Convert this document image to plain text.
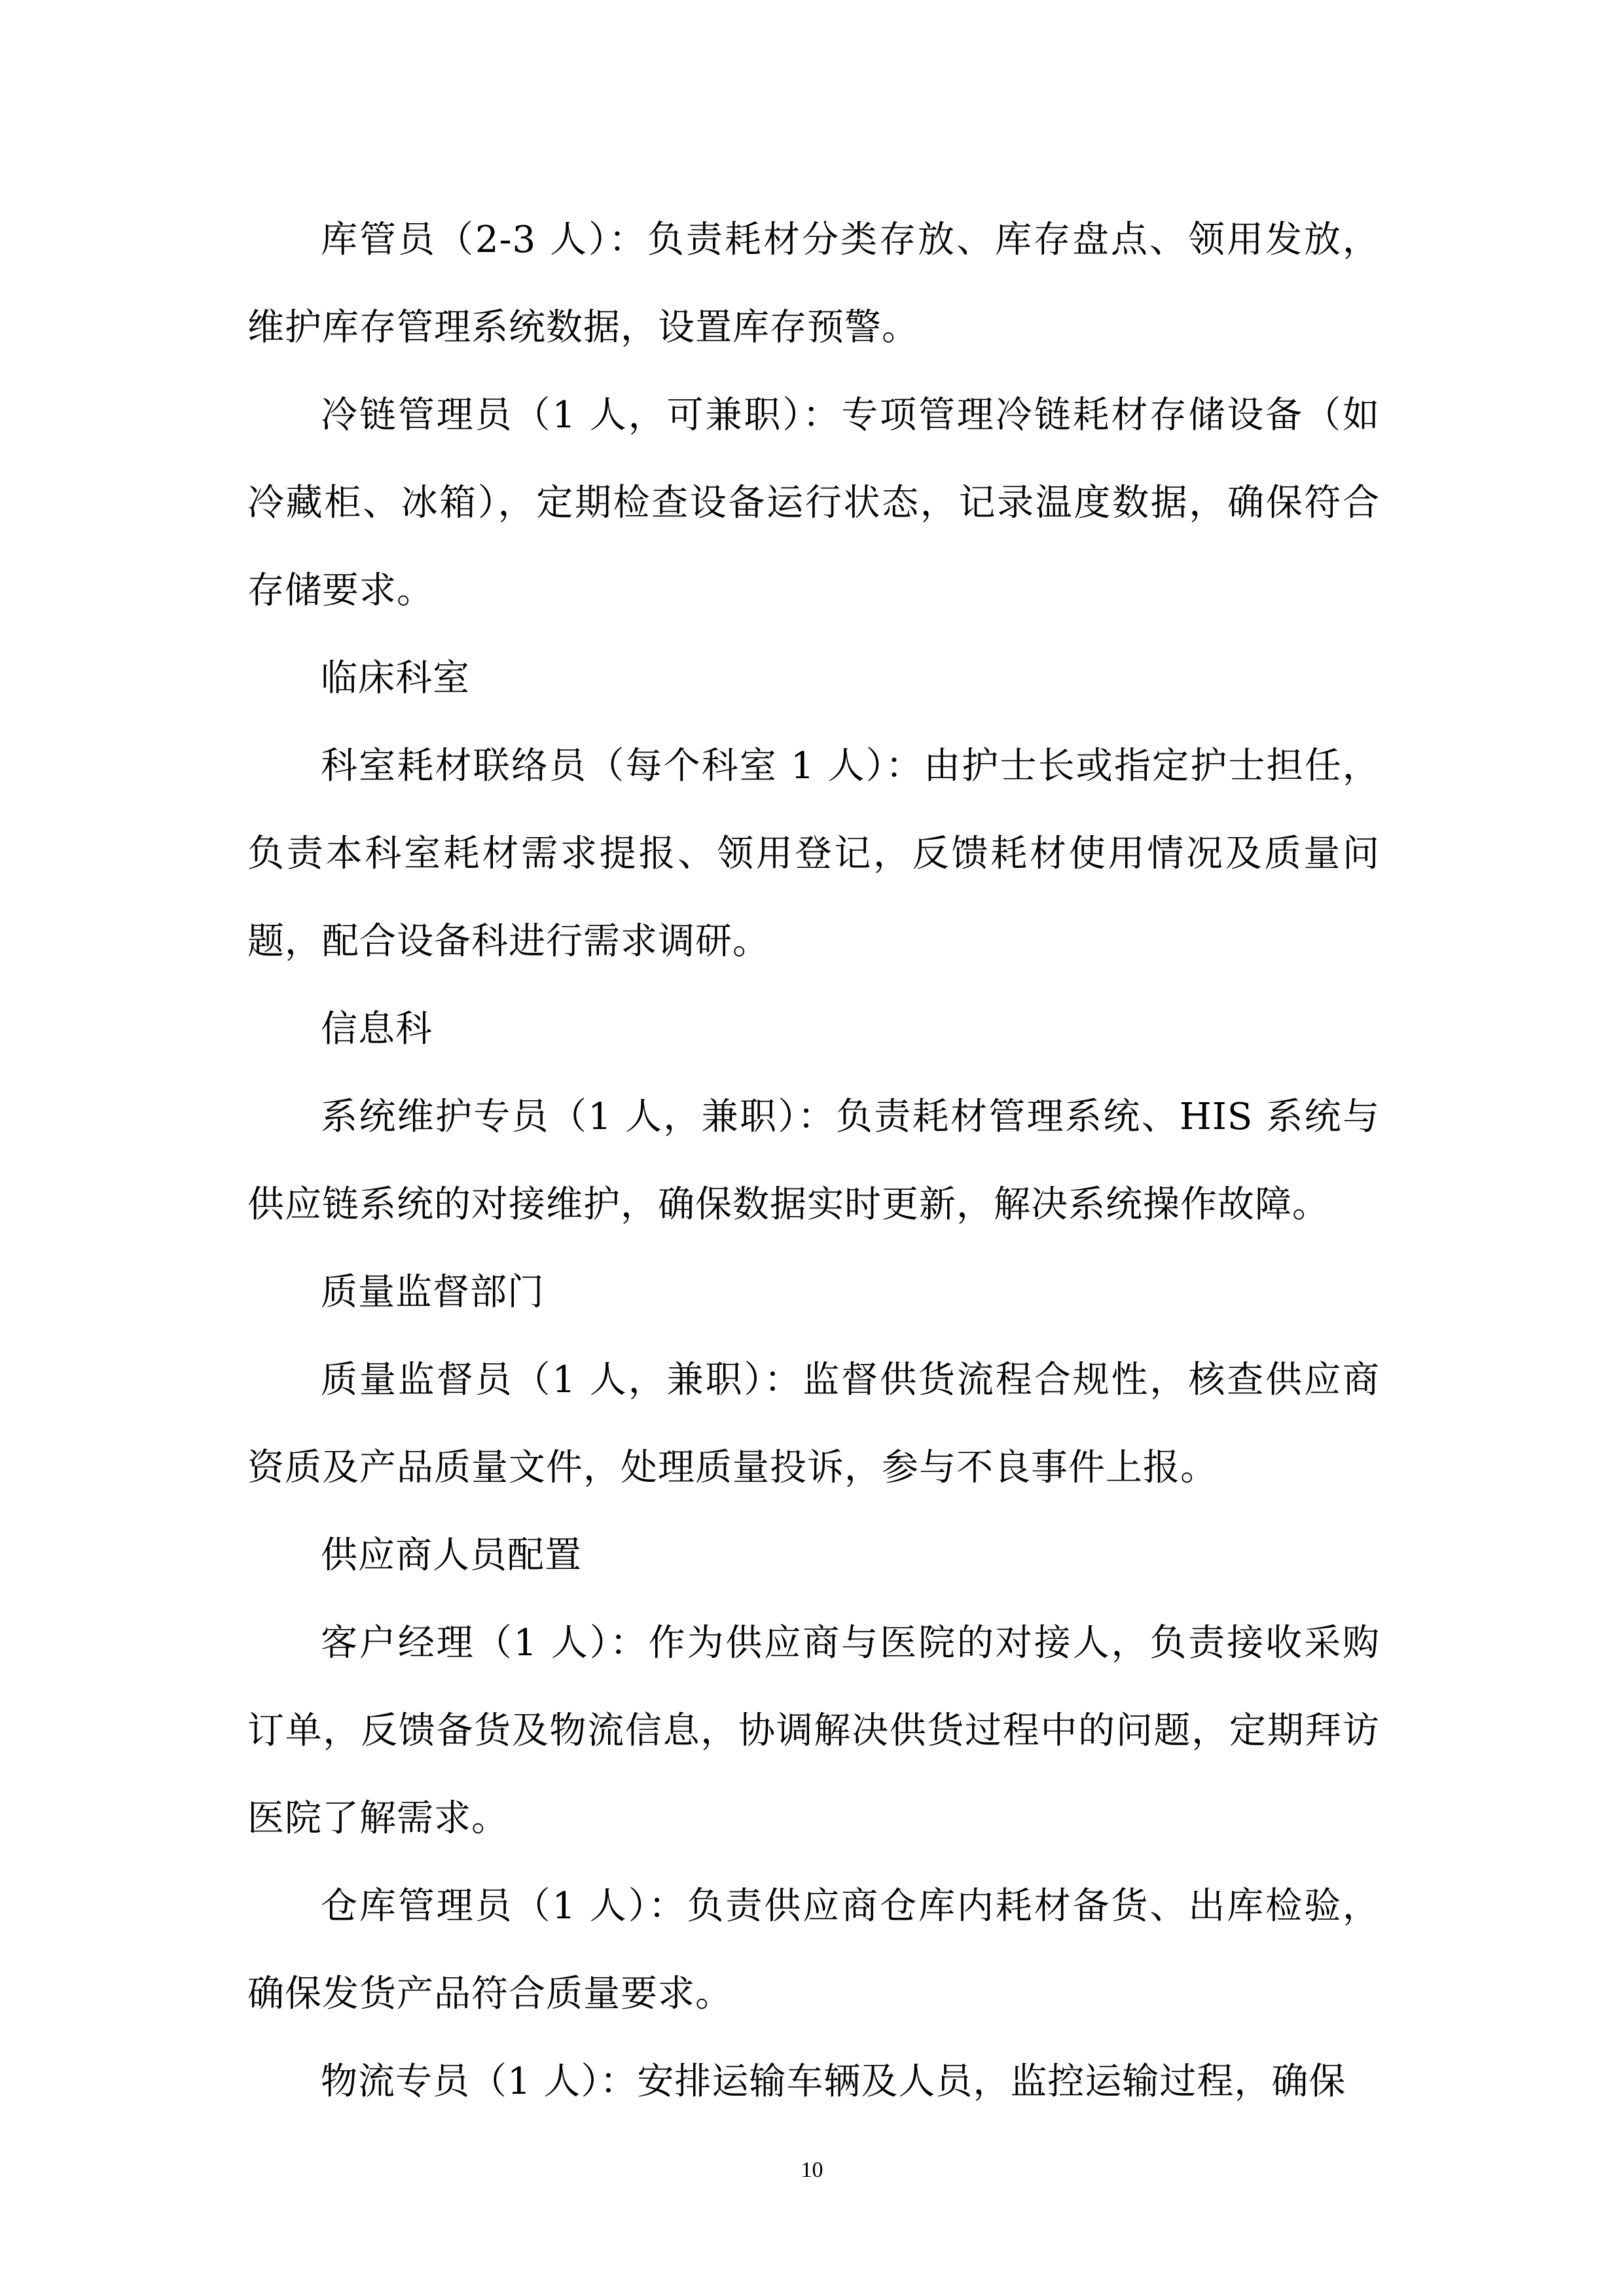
库管员（2-3 人）：负责耗材分类存放、库存盘点、领用发放，维护库存管理系统数据，设置库存预警。

冷链管理员（1 人，可兼职）：专项管理冷链耗材存储设备（如冷藏柜、冰箱），定期检查设备运行状态，记录温度数据，确保符合存储要求。

临床科室

科室耗材联络员（每个科室 1 人）：由护士长或指定护士担任，负责本科室耗材需求提报、领用登记，反馈耗材使用情况及质量问题，配合设备科进行需求调研。

信息科

系统维护专员（1 人，兼职）：负责耗材管理系统、HIS 系统与供应链系统的对接维护，确保数据实时更新，解决系统操作故障。

质量监督部门

质量监督员（1 人，兼职）：监督供货流程合规性，核查供应商资质及产品质量文件，处理质量投诉，参与不良事件上报。

供应商人员配置

客户经理（1 人）：作为供应商与医院的对接人，负责接收采购订单，反馈备货及物流信息，协调解决供货过程中的问题，定期拜访医院了解需求。

仓库管理员（1 人）：负责供应商仓库内耗材备货、出库检验，确保发货产品符合质量要求。

物流专员（1 人）：安排运输车辆及人员，监控运输过程，确保

10
